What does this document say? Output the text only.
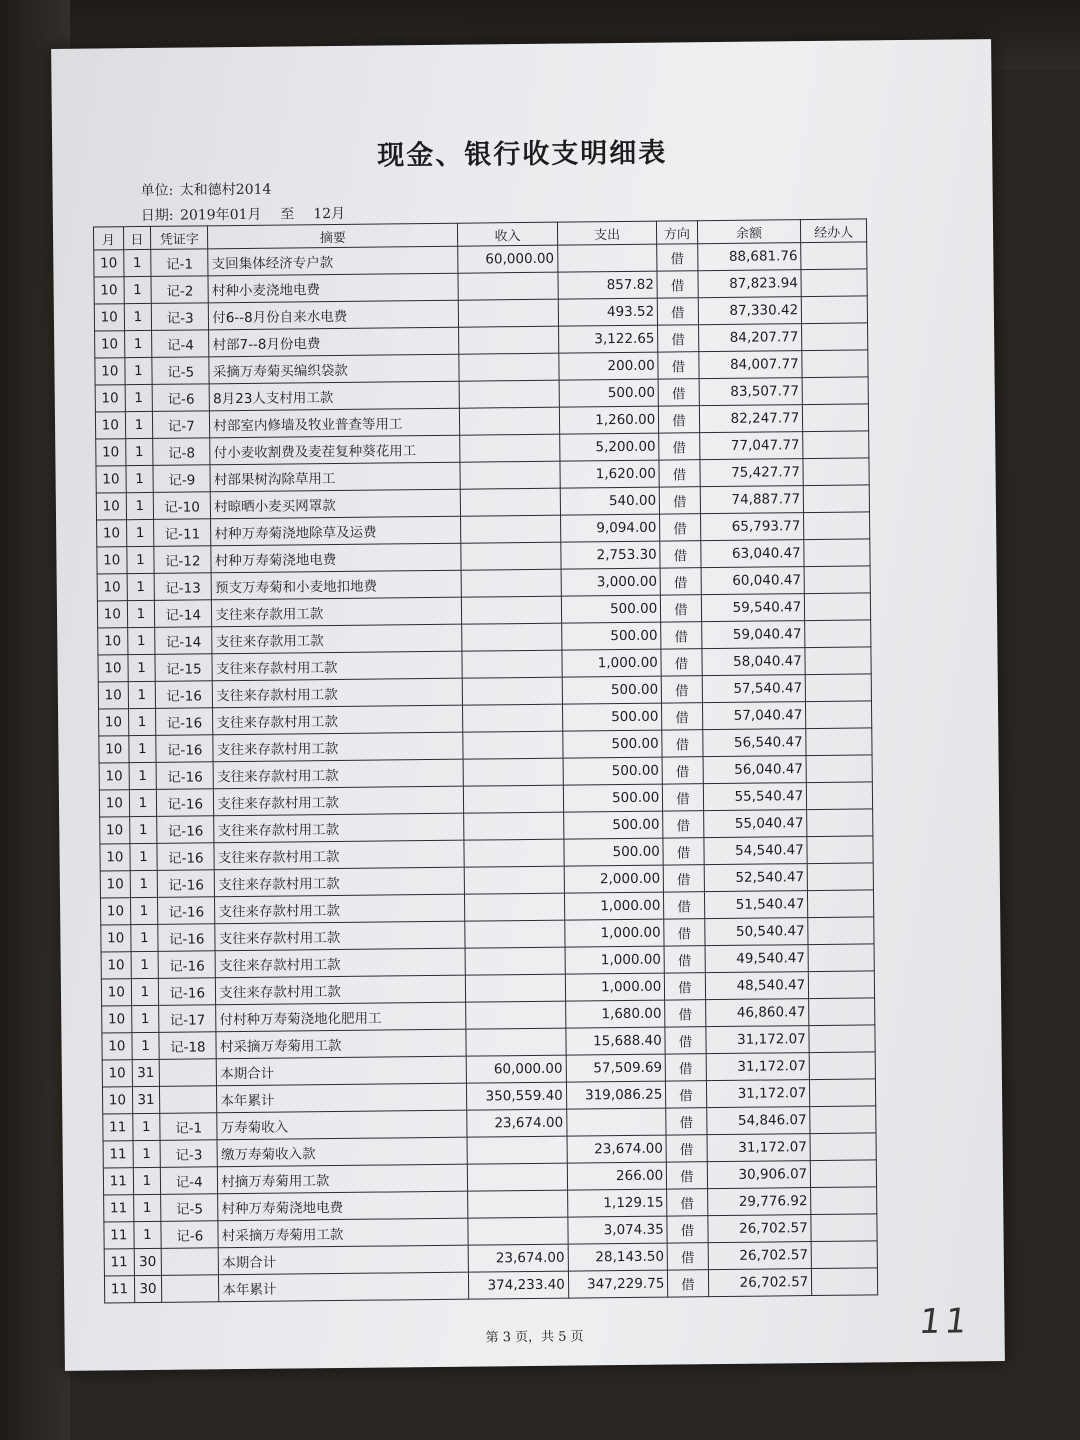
现金、银行收支明细表
单位: 太和德村2014
日期: 2019年01月 至 12月
月	日	凭证字	摘要	收入	支出	方向	余额	经办人
10	1	记-1	支回集体经济专户款	60,000.00		借	88,681.76	
10	1	记-2	村种小麦浇地电费		857.82	借	87,823.94	
10	1	记-3	付6--8月份自来水电费		493.52	借	87,330.42	
10	1	记-4	村部7--8月份电费		3,122.65	借	84,207.77	
10	1	记-5	采摘万寿菊买编织袋款		200.00	借	84,007.77	
10	1	记-6	8月23人支村用工款		500.00	借	83,507.77	
10	1	记-7	村部室内修墙及牧业普查等用工		1,260.00	借	82,247.77	
10	1	记-8	付小麦收割费及麦茬复种葵花用工		5,200.00	借	77,047.77	
10	1	记-9	村部果树沟除草用工		1,620.00	借	75,427.77	
10	1	记-10	村晾晒小麦买网罩款		540.00	借	74,887.77	
10	1	记-11	村种万寿菊浇地除草及运费		9,094.00	借	65,793.77	
10	1	记-12	村种万寿菊浇地电费		2,753.30	借	63,040.47	
10	1	记-13	预支万寿菊和小麦地扣地费		3,000.00	借	60,040.47	
10	1	记-14	支往来存款用工款		500.00	借	59,540.47	
10	1	记-14	支往来存款用工款		500.00	借	59,040.47	
10	1	记-15	支往来存款村用工款		1,000.00	借	58,040.47	
10	1	记-16	支往来存款村用工款		500.00	借	57,540.47	
10	1	记-16	支往来存款村用工款		500.00	借	57,040.47	
10	1	记-16	支往来存款村用工款		500.00	借	56,540.47	
10	1	记-16	支往来存款村用工款		500.00	借	56,040.47	
10	1	记-16	支往来存款村用工款		500.00	借	55,540.47	
10	1	记-16	支往来存款村用工款		500.00	借	55,040.47	
10	1	记-16	支往来存款村用工款		500.00	借	54,540.47	
10	1	记-16	支往来存款村用工款		2,000.00	借	52,540.47	
10	1	记-16	支往来存款村用工款		1,000.00	借	51,540.47	
10	1	记-16	支往来存款村用工款		1,000.00	借	50,540.47	
10	1	记-16	支往来存款村用工款		1,000.00	借	49,540.47	
10	1	记-16	支往来存款村用工款		1,000.00	借	48,540.47	
10	1	记-17	付村种万寿菊浇地化肥用工		1,680.00	借	46,860.47	
10	1	记-18	村采摘万寿菊用工款		15,688.40	借	31,172.07	
10	31		本期合计	60,000.00	57,509.69	借	31,172.07	
10	31		本年累计	350,559.40	319,086.25	借	31,172.07	
11	1	记-1	万寿菊收入	23,674.00		借	54,846.07	
11	1	记-3	缴万寿菊收入款		23,674.00	借	31,172.07	
11	1	记-4	村摘万寿菊用工款		266.00	借	30,906.07	
11	1	记-5	村种万寿菊浇地电费		1,129.15	借	29,776.92	
11	1	记-6	村采摘万寿菊用工款		3,074.35	借	26,702.57	
11	30		本期合计	23,674.00	28,143.50	借	26,702.57	
11	30		本年累计	374,233.40	347,229.75	借	26,702.57	
第 3 页，共 5 页	11
